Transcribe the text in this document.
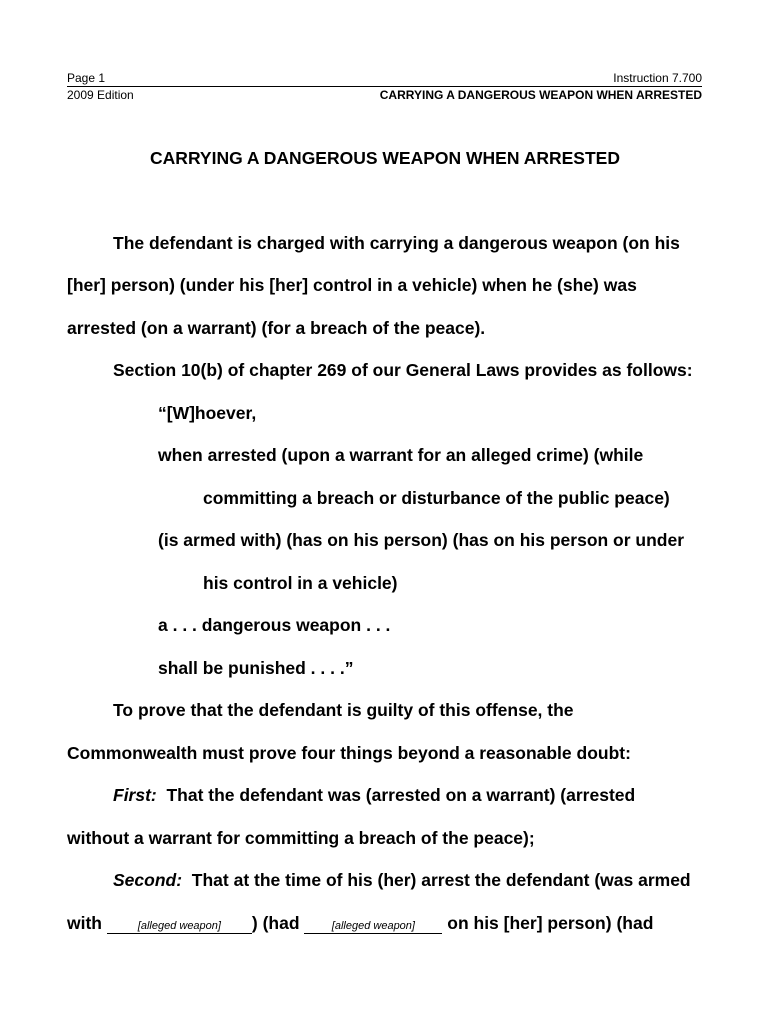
Page 1
2009 Edition
Instruction 7.700
CARRYING A DANGEROUS WEAPON WHEN ARRESTED
CARRYING A DANGEROUS WEAPON WHEN ARRESTED
The defendant is charged with carrying a dangerous weapon (on his
[her] person) (under his [her] control in a vehicle) when he (she) was
arrested (on a warrant) (for a breach of the peace).
Section 10(b) of chapter 269 of our General Laws provides as follows:
“[W]hoever,
when arrested (upon a warrant for an alleged crime) (while
committing a breach or disturbance of the public peace)
(is armed with) (has on his person) (has on his person or under
his control in a vehicle)
a . . . dangerous weapon . . .
shall be punished . . . .”
To prove that the defendant is guilty of this offense, the
Commonwealth must prove four things beyond a reasonable doubt:
First: That the defendant was (arrested on a warrant) (arrested
without a warrant for committing a breach of the peace);
Second: That at the time of his (her) arrest the defendant (was armed
with	[alleged weapon] ) (had	[alleged weapon] on his [her] person) (had
